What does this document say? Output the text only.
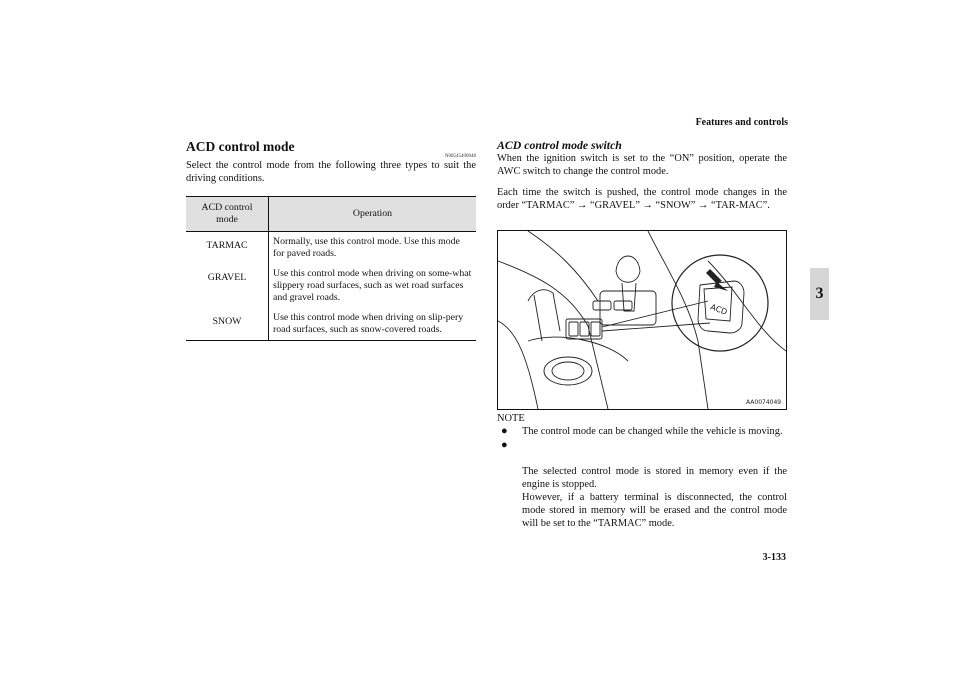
Features and controls
3
3-133
ACD control mode
N00545400048
Select the control mode from the following three types to suit the driving conditions.
ACD control mode	Operation
TARMAC	Normally, use this control mode. Use this mode for paved roads.
GRAVEL	Use this control mode when driving on some-what slippery road surfaces, such as wet road surfaces and gravel roads.
SNOW	Use this control mode when driving on slip-pery road surfaces, such as snow-covered roads.
ACD control mode switch
When the ignition switch is set to the “ON” position, operate the AWC switch to change the control mode.
Each time the switch is pushed, the control mode changes in the order “TARMAC” → “GRAVEL” → “SNOW” → “TAR-MAC”.
ACD
AA0074049
NOTE
● The control mode can be changed while the vehicle is moving.

●

The selected control mode is stored in memory even if the engine is stopped.
However, if a battery terminal is disconnected, the control mode stored in memory will be erased and the control mode will be set to the “TARMAC” mode.
